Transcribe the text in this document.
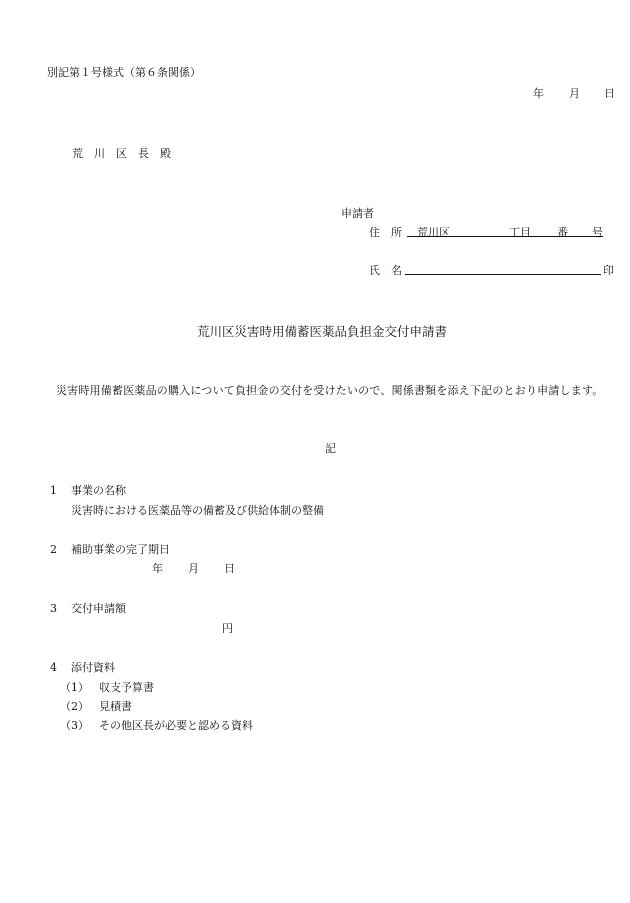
別記第１号様式（第６条関係）
年 月 日
荒　川　区　長　殿
申請者
住　所 荒川区	丁目 番 号
氏　名	印
荒川区災害時用備蓄医薬品負担金交付申請書
災害時用備蓄医薬品の購入について負担金の交付を受けたいので、関係書類を添え下記のとおり申請します。
記
1 事業の名称
災害時における医薬品等の備蓄及び供給体制の整備
2 補助事業の完了期日
年 月 日
3 交付申請額
円
4 添付資料
（1） 収支予算書
（2） 見積書
（3） その他区長が必要と認める資料
